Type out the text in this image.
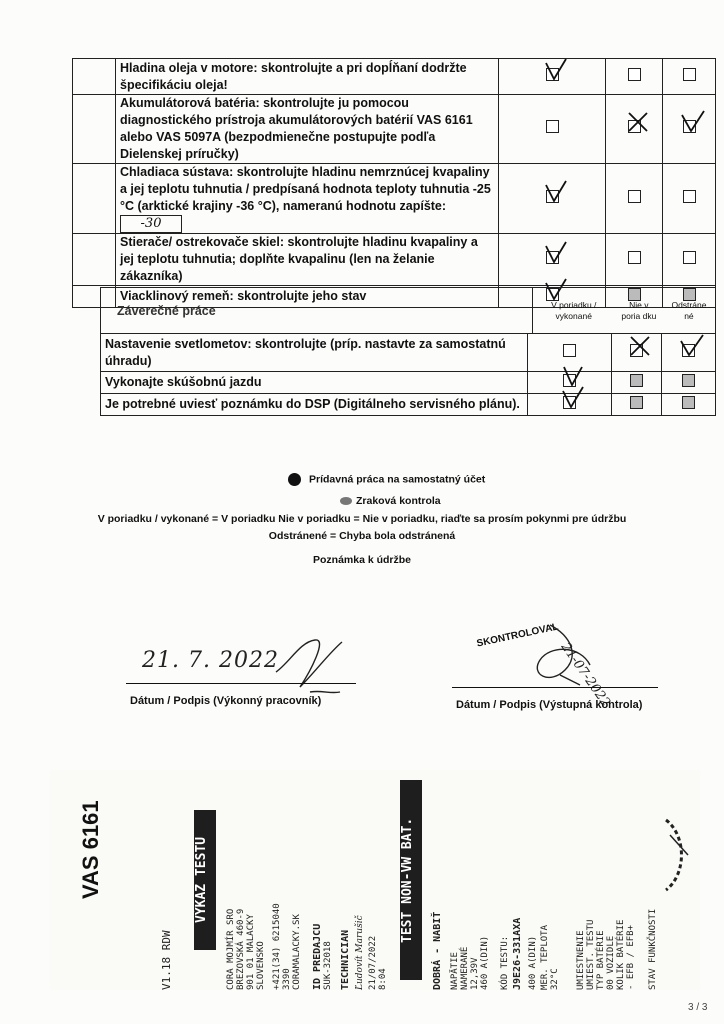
	Hladina oleja v motore: skontrolujte a pri dopĺňaní dodržte špecifikáciu oleja!	

	Akumulátorová batéria: skontrolujte ju pomocou diagnostického prístroja akumulátorových batérií VAS 6161 alebo VAS 5097A (bezpodmienečne postupujte podľa Dielenskej príručky)		

	Chladiaca sústava: skontrolujte hladinu nemrznúcej kvapaliny a jej teplotu tuhnutia / predpísaná hodnota teploty tuhnutia -25 °C (arktické krajiny -36 °C), nameranú hodnotu zapíšte: -30	

	Stierače/ ostrekovače skiel: skontrolujte hladinu kvapaliny a jej teplotu tuhnutia; doplňte kvapalinu (len na želanie zákazníka)	

	Viacklinový remeň: skontrolujte jeho stav	

Záverečné práce	V poriadku / vykonané	Nie v poria dku	Odstráne né
Nastavenie svetlometov: skontrolujte (príp. nastavte za samostatnú úhradu)		

Vykonajte skúšobnú jazdu	

Je potrebné uviesť poznámku do DSP (Digitálneho servisného plánu).	

Prídavná práca na samostatný účet
Zraková kontrola
V poriadku / vykonané = V poriadku Nie v poriadku = Nie v poriadku, riaďte sa prosím pokynmi pre údržbu
Odstránené = Chyba bola odstránená
Poznámka k údržbe
21. 7. 2022
Dátum / Podpis (Výkonný pracovník)
SKONTROLOVAL
21-07-2022
Dátum / Podpis (Výstupná kontrola)
VAS 6161
V1.18 RDW
VÝKAZ TESTU
CORA MOJMÍR SRO BREZOVSKÁ 460-9 901 01 MALACKY SLOVENSKO +421(34) 6215040 3390 CORAMALACKY.SK ID PREDAJCU SUK-32018 TECHNICIAN Ľudovít Marušič 21/07/2022 8:04
TEST NON-VW BAT.
DOBRÁ - NABIŤ NAPÄTIE NAMERANÉ 12,39V 460 A(DIN) KÓD TESTU: J9E26-331AXA 400 A(DIN) MER. TEPLOTA 32°C UMIESTNENIE UMIEST. TESTU TYP BATÉRIE 00 VOZIDLE KOLIK BATÉRIE - EFB / EFB+ STAV FUNKČNOSTI
3 / 3
